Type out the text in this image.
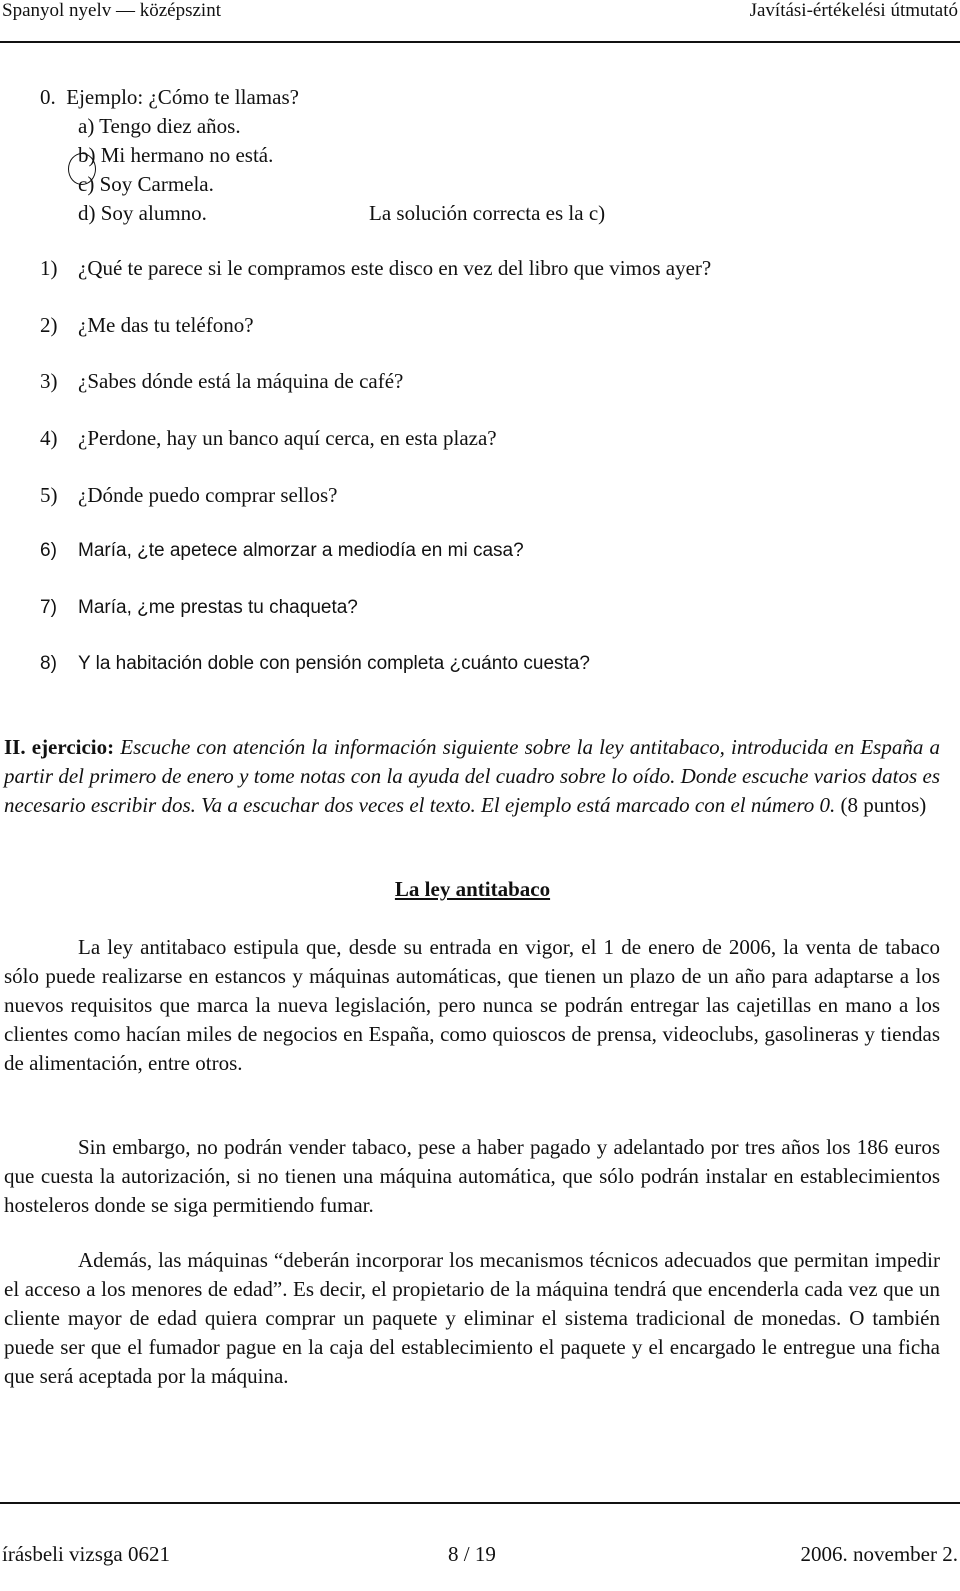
Spanyol nyelv — középszint	Javítási-értékelési útmutató
0.  Ejemplo: ¿Cómo te llamas?
a) Tengo diez años.
b) Mi hermano no está.
c) Soy Carmela.
d) Soy alumno.	La solución correcta es la c)
1) ¿Qué te parece si le compramos este disco en vez del libro que vimos ayer?
2) ¿Me das tu teléfono?
3) ¿Sabes dónde está la máquina de café?
4) ¿Perdone, hay un banco aquí cerca, en esta plaza?
5) ¿Dónde puedo comprar sellos?
6) María, ¿te apetece almorzar a mediodía en mi casa?
7) María, ¿me prestas tu chaqueta?
8) Y la habitación doble con pensión completa ¿cuánto cuesta?
II. ejercicio: Escuche con atención la información siguiente sobre la ley antitabaco, introducida en España a partir del primero de enero y tome notas con la ayuda del cuadro sobre lo oído. Donde escuche varios datos es necesario escribir dos. Va a escuchar dos veces el texto. El ejemplo está marcado con el número 0. (8 puntos)
La ley antitabaco
La ley antitabaco estipula que, desde su entrada en vigor, el 1 de enero de 2006, la venta de tabaco sólo puede realizarse en estancos y máquinas automáticas, que tienen un plazo de un año para adaptarse a los nuevos requisitos que marca la nueva legislación, pero nunca se podrán entregar las cajetillas en mano a los clientes como hacían miles de negocios en España, como quioscos de prensa, videoclubs, gasolineras y tiendas de alimentación, entre otros.
Sin embargo, no podrán vender tabaco, pese a haber pagado y adelantado por tres años los 186 euros que cuesta la autorización, si no tienen una máquina automática, que sólo podrán instalar en establecimientos hosteleros donde se siga permitiendo fumar.
Además, las máquinas “deberán incorporar los mecanismos técnicos adecuados que permitan impedir el acceso a los menores de edad”. Es decir, el propietario de la máquina tendrá que encenderla cada vez que un cliente mayor de edad quiera comprar un paquete y eliminar el sistema tradicional de monedas. O también puede ser que el fumador pague en la caja del establecimiento el paquete y el encargado le entregue una ficha que será aceptada por la máquina.
írásbeli vizsga 0621	8 / 19	2006. november 2.
